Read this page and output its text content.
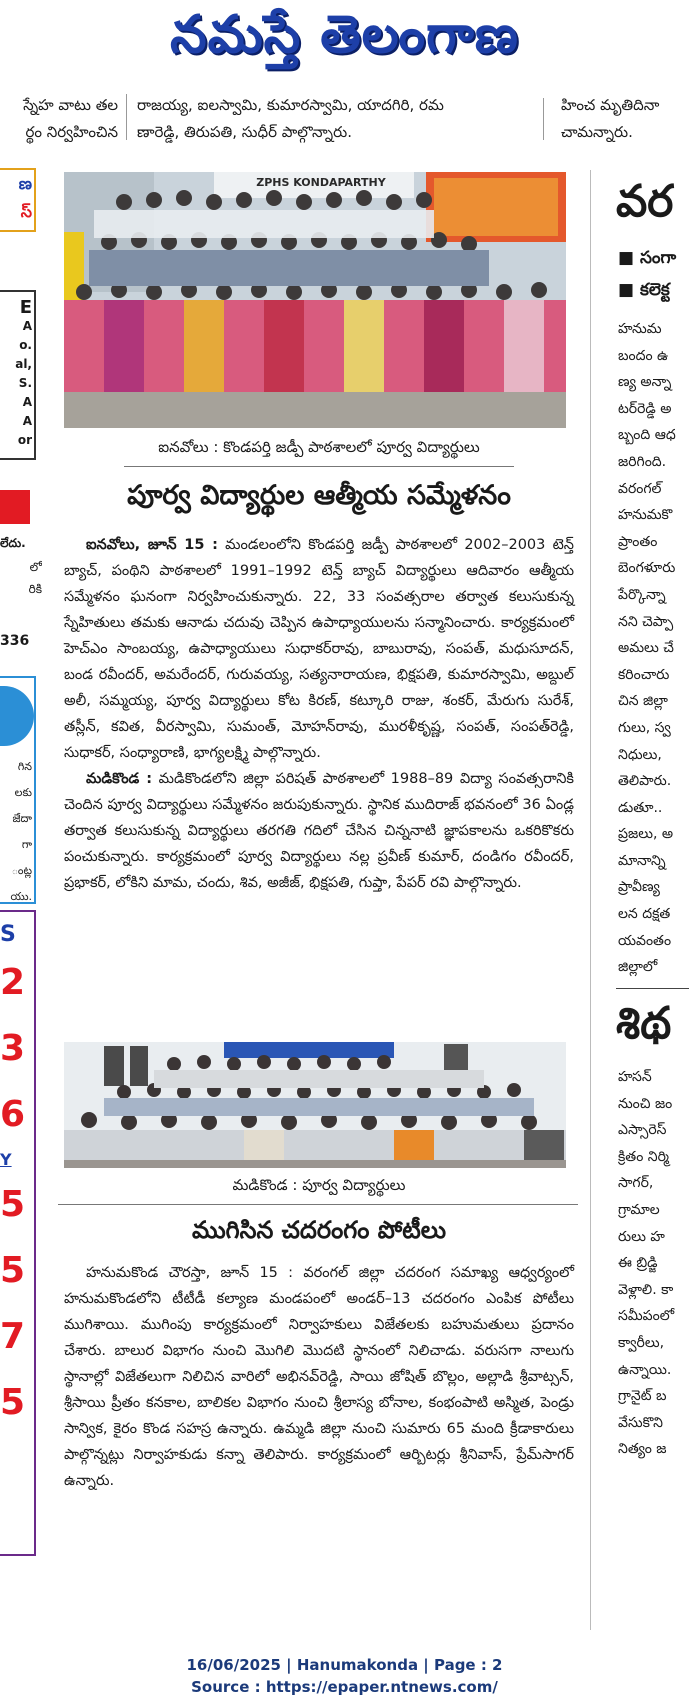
నమస్తే తెలంగాణ
స్నేహ వాటు తల
ర్థం నిర్వహించిన
రాజయ్య, ఐలస్వామి, కుమారస్వామి, యాదగిరి, రమ
ణారెడ్డి, తిరుపతి, సుధీర్ పాల్గొన్నారు.
హించ మృతిదినా
చామన్నారు.
ణ
స్
E
A
o.
al,
S.
A
A
or
లేదు.
లో
రికి
336
గిన
లకు
జేదా
గా
ంట్ల
యు.
S
2
3
6
Y
5
5
7
5
ZPHS KONDAPARTHY
ఐనవోలు : కొండపర్తి జడ్పీ పాఠశాలలో పూర్వ విద్యార్థులు
పూర్వ విద్యార్థుల ఆత్మీయ సమ్మేళనం

ఐనవోలు, జూన్ 15 : మండలంలోని కొండపర్తి జడ్పీ పాఠశాలలో 2002–2003 టెన్త్ బ్యాచ్, పంథిని పాఠశాలలో 1991–1992 టెన్త్ బ్యాచ్ విద్యార్థులు ఆదివారం ఆత్మీయ సమ్మేళనం ఘనంగా నిర్వహించుకున్నారు. 22, 33 సంవత్సరాల తర్వాత కలుసుకున్న స్నేహితులు తమకు ఆనాడు చదువు చెప్పిన ఉపాధ్యాయులను సన్మానించారు. కార్యక్రమంలో హెచ్ఎం సాంబయ్య, ఉపాధ్యాయులు సుధాకర్‌రావు, బాబురావు, సంపత్, మధుసూదన్, బండ రవీందర్, అమరేందర్, గురువయ్య, సత్యనారాయణ, భిక్షపతి, కుమారస్వామి, అబ్దుల్ అలీ, సమ్మయ్య, పూర్వ విద్యార్థులు కోట కిరణ్, కట్కూరి రాజు, శంకర్, మేరుగు సురేశ్, తస్లీన్, కవిత, వీరస్వామి, సుమంత్, మోహన్‌రావు, మురళీకృష్ణ, సంపత్, సంపత్‌రెడ్డి, సుధాకర్, సంధ్యారాణి, భాగ్యలక్ష్మి పాల్గొన్నారు.

మడికొండ : మడికొండలోని జిల్లా పరిషత్ పాఠశాలలో 1988–89 విద్యా సంవత్సరానికి చెందిన పూర్వ విద్యార్థులు సమ్మేళనం జరుపుకున్నారు. స్థానిక ముదిరాజ్ భవనంలో 36 ఏండ్ల తర్వాత కలుసుకున్న విద్యార్థులు తరగతి గదిలో చేసిన చిన్ననాటి జ్ఞాపకాలను ఒకరికొకరు పంచుకున్నారు. కార్యక్రమంలో పూర్వ విద్యార్థులు నల్ల ప్రవీణ్ కుమార్, దండిగం రవీందర్, ప్రభాకర్, లోకిని మామ, చందు, శివ, అజీజ్, భిక్షపతి, గుప్తా, పేపర్ రవి పాల్గొన్నారు.

మడికొండ : పూర్వ విద్యార్థులు
ముగిసిన చదరంగం పోటీలు

హనుమకొండ చౌరస్తా, జూన్ 15 : వరంగల్ జిల్లా చదరంగ సమాఖ్య ఆధ్వర్యంలో హనుమకొండలోని టీటీడీ కల్యాణ మండపంలో అండర్–13 చదరంగం ఎంపిక పోటీలు ముగిశాయి. ముగింపు కార్యక్రమంలో నిర్వాహకులు విజేతలకు బహుమతులు ప్రదానం చేశారు. బాలుర విభాగం నుంచి మొగిలి మొదటి స్థానంలో నిలిచాడు. వరుసగా నాలుగు స్థానాల్లో విజేతలుగా నిలిచిన వారిలో అభినవ్‌రెడ్డి, సాయి జోషిత్ బొల్లం, అల్లాడి శ్రీవాట్సన్, శ్రీసాయి ప్రీతం కనకాల, బాలికల విభాగం నుంచి శ్రీలాస్య బోనాల, కంభంపాటి అస్మిత, పెండ్రు సాన్విక, కైరం కొండ సహస్ర ఉన్నారు. ఉమ్మడి జిల్లా నుంచి సుమారు 65 మంది క్రీడాకారులు పాల్గొన్నట్లు నిర్వాహకుడు కన్నా తెలిపారు. కార్యక్రమంలో ఆర్బిటర్లు శ్రీనివాస్, ప్రేమ్‌సాగర్ ఉన్నారు.

వర
■ సంగా
■ కలెక్ట
హనుమ
బందం ఉ
ణ్య అన్నా
టర్‌రెడ్డి అ
బ్బంది ఆధ
జరిగింది.
వరంగల్
హనుమకొ
ప్రాంతం
బెంగళూరు
పేర్కొన్నా
నని చెప్పా
అమలు చే
కరించారు
చిన జిల్లా
గులు, స్వ
నిధులు,
తెలిపారు.
డుతూ..
ప్రజలు, అ
మానాన్ని
ప్రావీణ్య
లన దక్షత
యవంతం
జిల్లాలో
శిథ
హసన్
నుంచి జం
ఎస్సారెస్
క్రితం నిర్మి
సాగర్,
గ్రామాల
రులు హ
ఈ బ్రిడ్జి
వెళ్లాలి. కా
సమీపంలో
క్వారీలు,
ఉన్నాయి.
గ్రానైట్ బ
వేసుకొని
నిత్యం జ
16/06/2025 | Hanumakonda | Page : 2
Source : https://epaper.ntnews.com/
